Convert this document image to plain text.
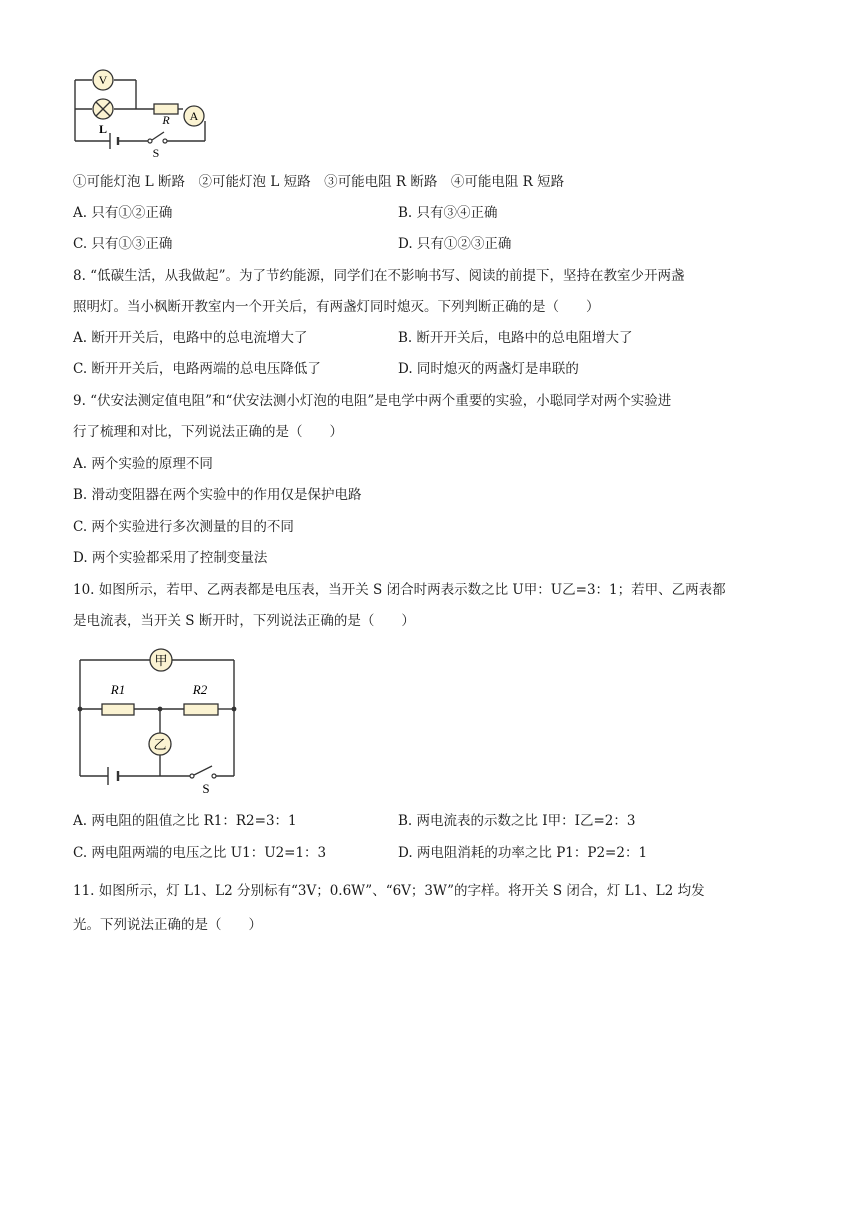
V
L
R A
S
①可能灯泡 L 断路　②可能灯泡 L 短路　③可能电阻 R 断路　④可能电阻 R 短路
A. 只有①②正确	B. 只有③④正确
C. 只有①③正确	D. 只有①②③正确
8. “低碳生活，从我做起”。为了节约能源，同学们在不影响书写、阅读的前提下，坚持在教室少开两盏
照明灯。当小枫断开教室内一个开关后，有两盏灯同时熄灭。下列判断正确的是（　　）
A. 断开开关后，电路中的总电流增大了	B. 断开开关后，电路中的总电阻增大了
C. 断开开关后，电路两端的总电压降低了	D. 同时熄灭的两盏灯是串联的
9. “伏安法测定值电阻”和“伏安法测小灯泡的电阻”是电学中两个重要的实验，小聪同学对两个实验进
行了梳理和对比，下列说法正确的是（　　）
A. 两个实验的原理不同
B. 滑动变阻器在两个实验中的作用仅是保护电路
C. 两个实验进行多次测量的目的不同
D. 两个实验都采用了控制变量法
10. 如图所示，若甲、乙两表都是电压表，当开关 S 闭合时两表示数之比 U甲：U乙=3：1；若甲、乙两表都
是电流表，当开关 S 断开时，下列说法正确的是（　　）
甲
R1	R2
乙
S
A. 两电阻的阻值之比 R1：R2=3：1	B. 两电流表的示数之比 I甲：I乙=2：3
C. 两电阻两端的电压之比 U1：U2=1：3	D. 两电阻消耗的功率之比 P1：P2=2：1
11. 如图所示，灯 L1、L2 分别标有“3V；0.6W”、“6V；3W”的字样。将开关 S 闭合，灯 L1、L2 均发
光。下列说法正确的是（　　）
